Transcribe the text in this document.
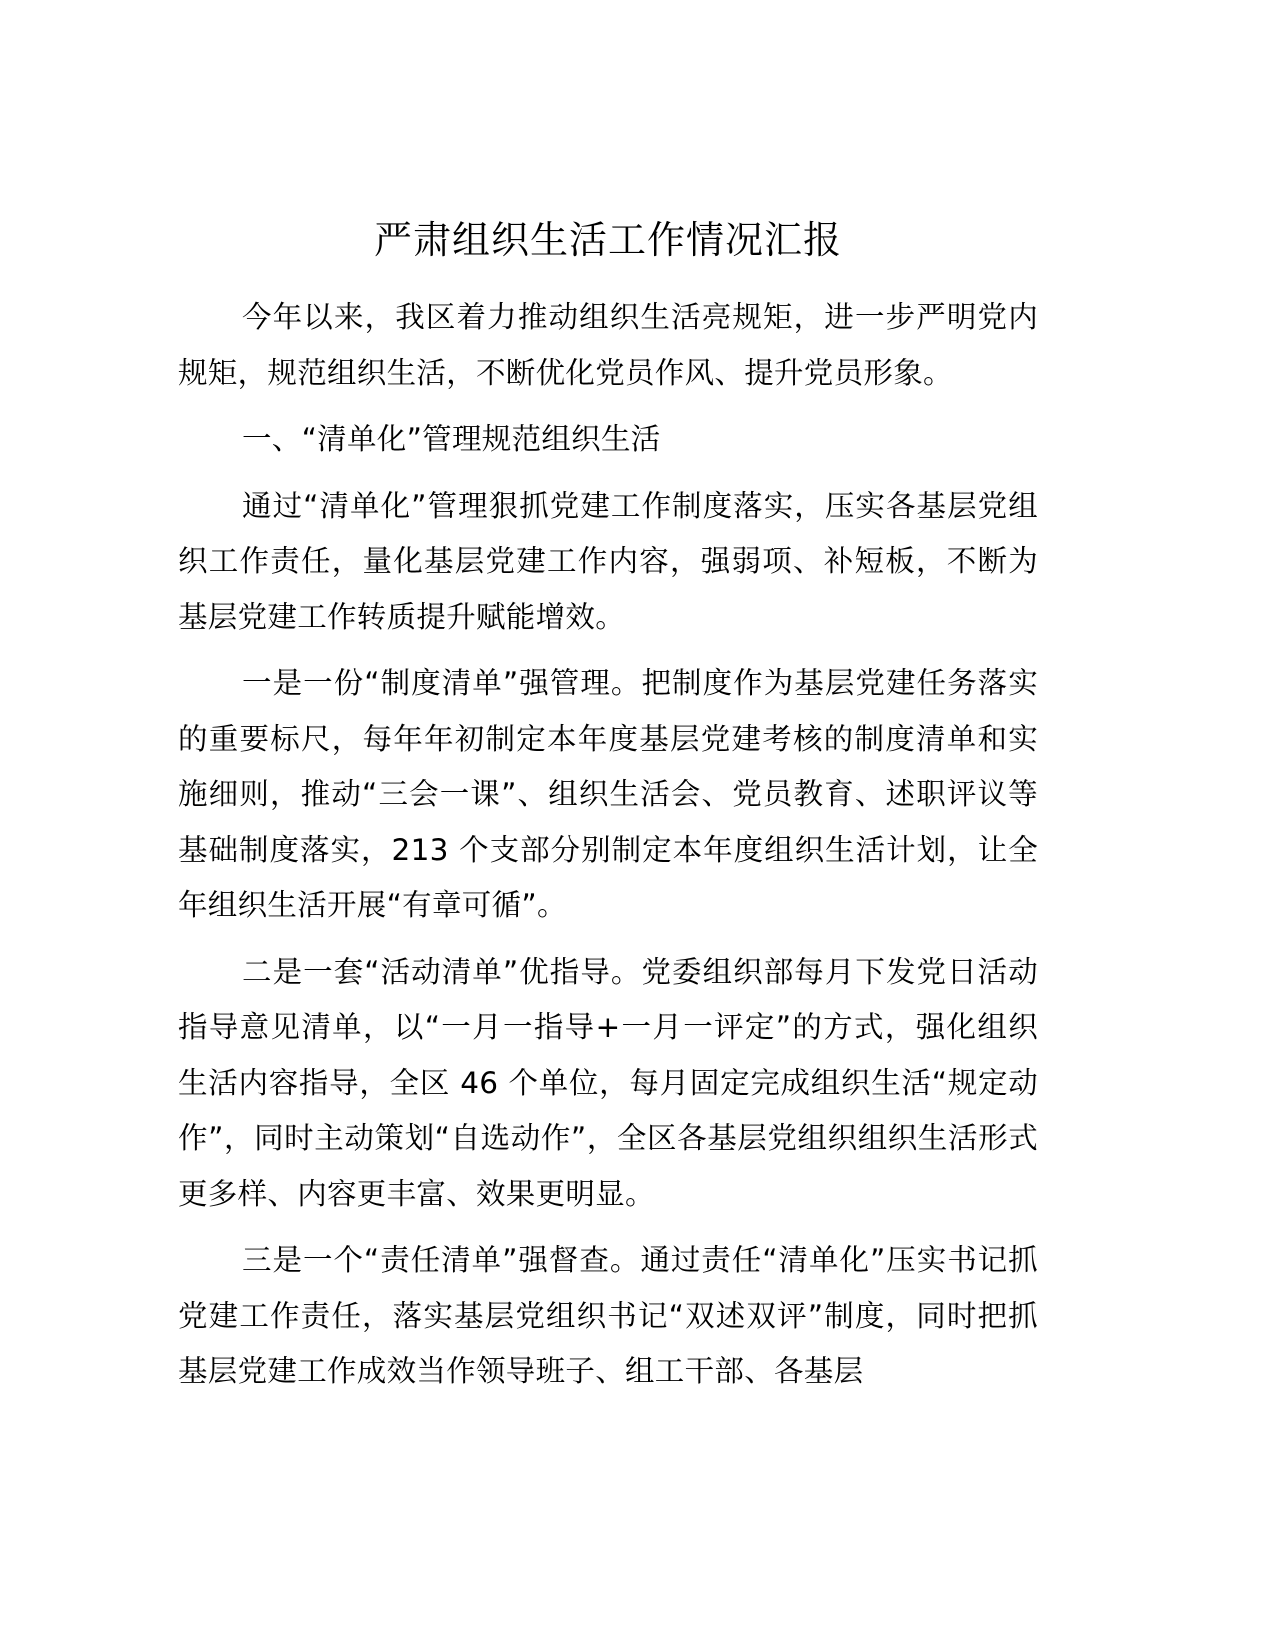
严肃组织生活工作情况汇报

今年以来，我区着力推动组织生活亮规矩，进一步严明党内规矩，规范组织生活，不断优化党员作风、提升党员形象。

一、“清单化”管理规范组织生活

通过“清单化”管理狠抓党建工作制度落实，压实各基层党组织工作责任，量化基层党建工作内容，强弱项、补短板，不断为基层党建工作转质提升赋能增效。

一是一份“制度清单”强管理。把制度作为基层党建任务落实的重要标尺，每年年初制定本年度基层党建考核的制度清单和实施细则，推动“三会一课”、组织生活会、党员教育、述职评议等基础制度落实，213 个支部分别制定本年度组织生活计划，让全年组织生活开展“有章可循”。

二是一套“活动清单”优指导。党委组织部每月下发党日活动指导意见清单，以“一月一指导+一月一评定”的方式，强化组织生活内容指导，全区 46 个单位，每月固定完成组织生活“规定动作”，同时主动策划“自选动作”，全区各基层党组织组织生活形式更多样、内容更丰富、效果更明显。

三是一个“责任清单”强督查。通过责任“清单化”压实书记抓党建工作责任，落实基层党组织书记“双述双评”制度，同时把抓基层党建工作成效当作领导班子、组工干部、各基层
